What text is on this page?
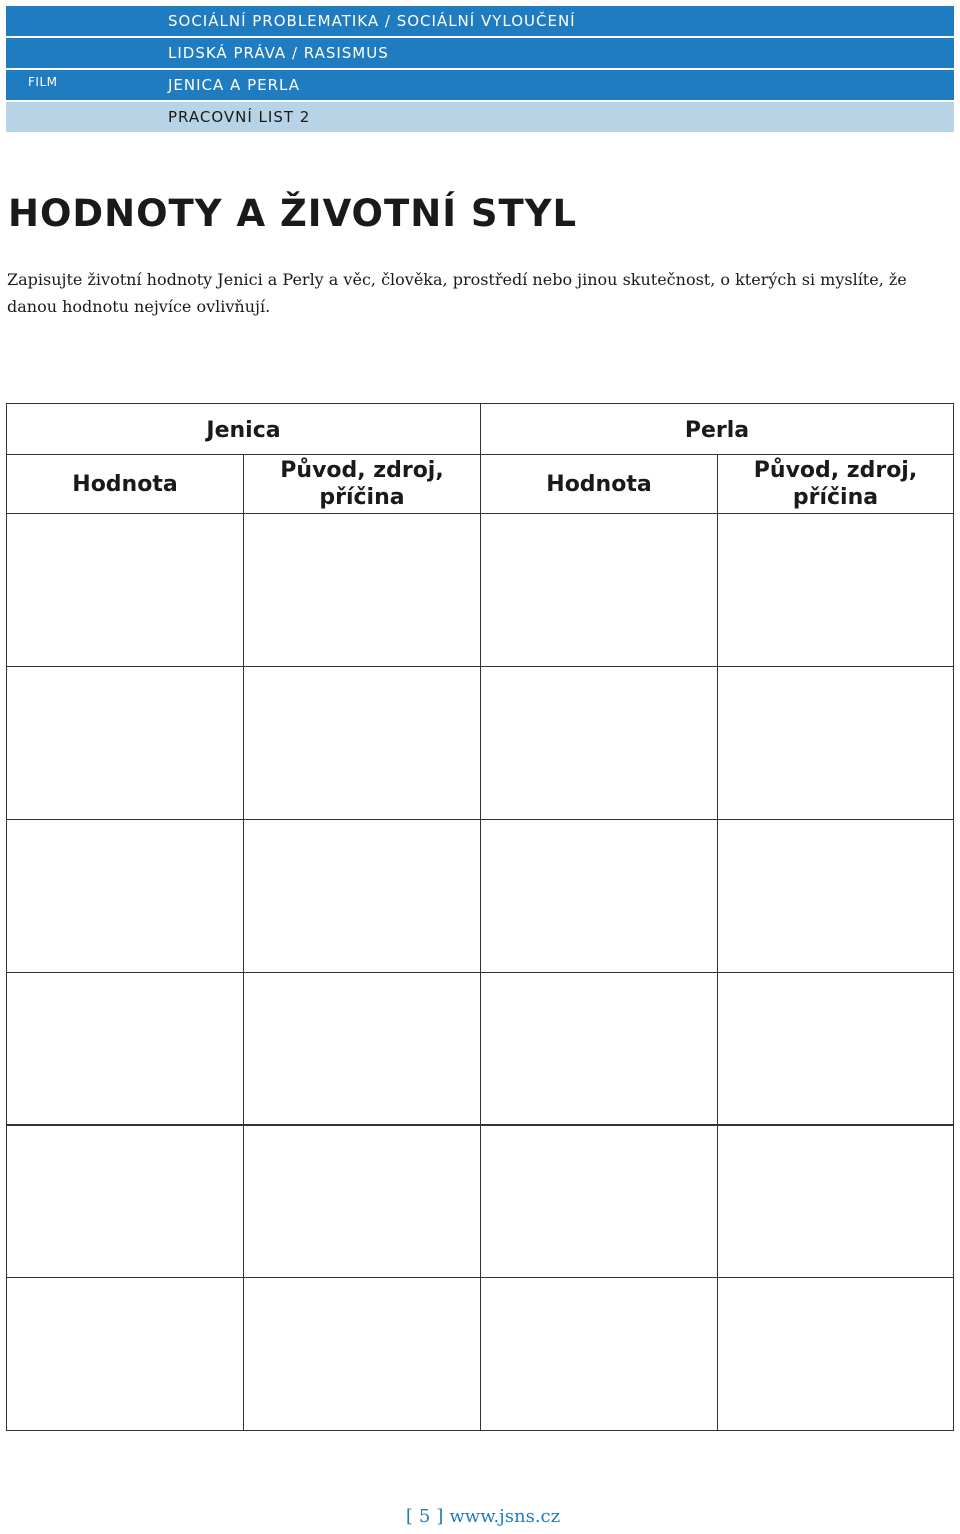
SOCIÁLNÍ PROBLEMATIKA / SOCIÁLNÍ VYLOUČENÍ
LIDSKÁ PRÁVA / RASISMUS
JENICA A PERLA
PRACOVNÍ LIST 2
FILM
HODNOTY A ŽIVOTNÍ STYL

Zapisujte životní hodnoty Jenici a Perly a věc, člověka, prostředí nebo jinou skutečnost, o kterých si myslíte, že danou hodnotu nejvíce ovlivňují.

Jenica	Perla
Hodnota
Původ, zdroj, příčina
Hodnota
Původ, zdroj, příčina
[ 5 ] www.jsns.cz
